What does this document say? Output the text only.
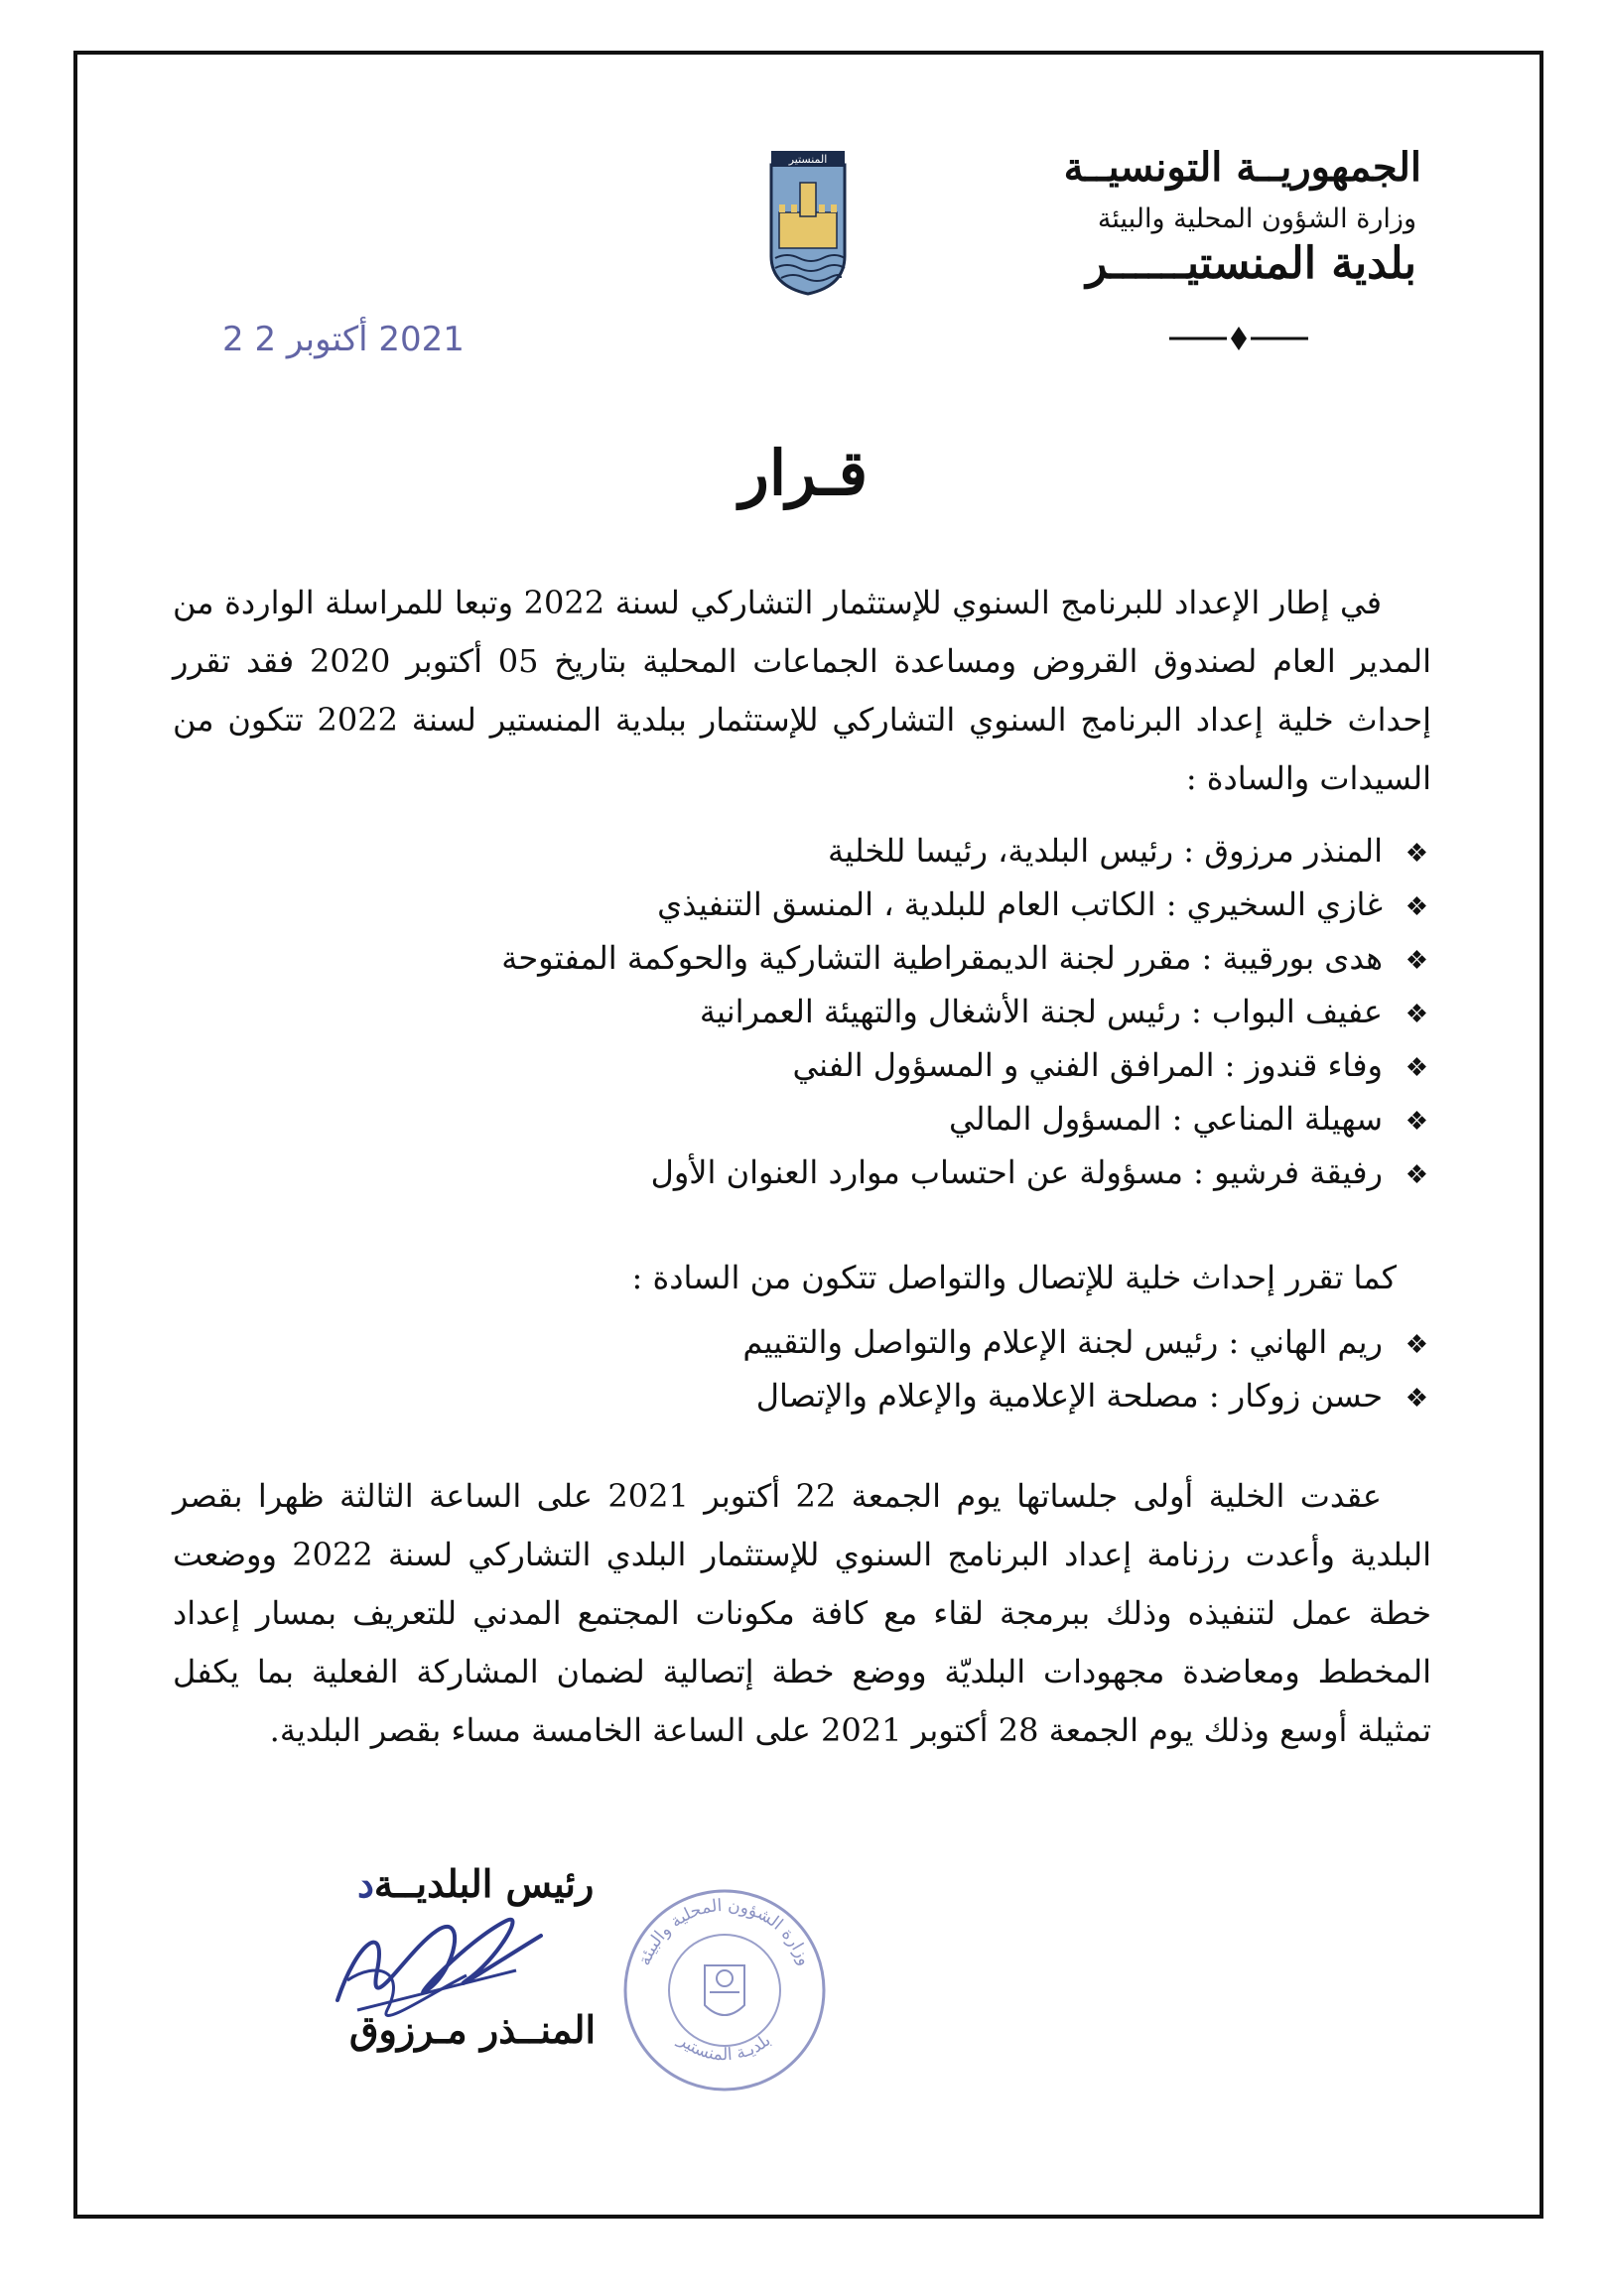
الجمهوريــة التونسيــة
وزارة الشؤون المحلية والبيئة
بلدية المنستيــــــر
المنستير
2021 أكتوبر 2 2
قـرار
في إطار الإعداد للبرنامج السنوي للإستثمار التشاركي لسنة 2022 وتبعا للمراسلة الواردة من المدير العام لصندوق القروض ومساعدة الجماعات المحلية بتاريخ 05 أكتوبر 2020 فقد تقرر إحداث خلية إعداد البرنامج السنوي التشاركي للإستثمار ببلدية المنستير لسنة 2022 تتكون من السيدات والسادة :
❖المنذر مرزوق : رئيس البلدية، رئيسا للخلية
❖غازي السخيري : الكاتب العام للبلدية ، المنسق التنفيذي
❖هدى بورقيبة : مقرر لجنة الديمقراطية التشاركية والحوكمة المفتوحة
❖عفيف البواب : رئيس لجنة الأشغال والتهيئة العمرانية
❖وفاء قندوز : المرافق الفني و المسؤول الفني
❖سهيلة المناعي : المسؤول المالي
❖رفيقة فرشيو : مسؤولة عن احتساب موارد العنوان الأول
كما تقرر إحداث خلية للإتصال والتواصل تتكون من السادة :
❖ريم الهاني : رئيس لجنة الإعلام والتواصل والتقييم
❖حسن زوكار : مصلحة الإعلامية والإعلام والإتصال
عقدت الخلية أولى جلساتها يوم الجمعة 22 أكتوبر 2021 على الساعة الثالثة ظهرا بقصر البلدية وأعدت رزنامة إعداد البرنامج السنوي للإستثمار البلدي التشاركي لسنة 2022 ووضعت خطة عمل لتنفيذه وذلك ببرمجة لقاء مع كافة مكونات المجتمع المدني للتعريف بمسار إعداد المخطط ومعاضدة مجهودات البلديّة ووضع خطة إتصالية لضمان المشاركة الفعلية بما يكفل تمثيلة أوسع وذلك يوم الجمعة 28 أكتوبر 2021 على الساعة الخامسة مساء بقصر البلدية.
رئيس البلديــةد
المنــذر مـرزوق
وزارة الشؤون المحلية والبيئة
بلديـة المنستير
